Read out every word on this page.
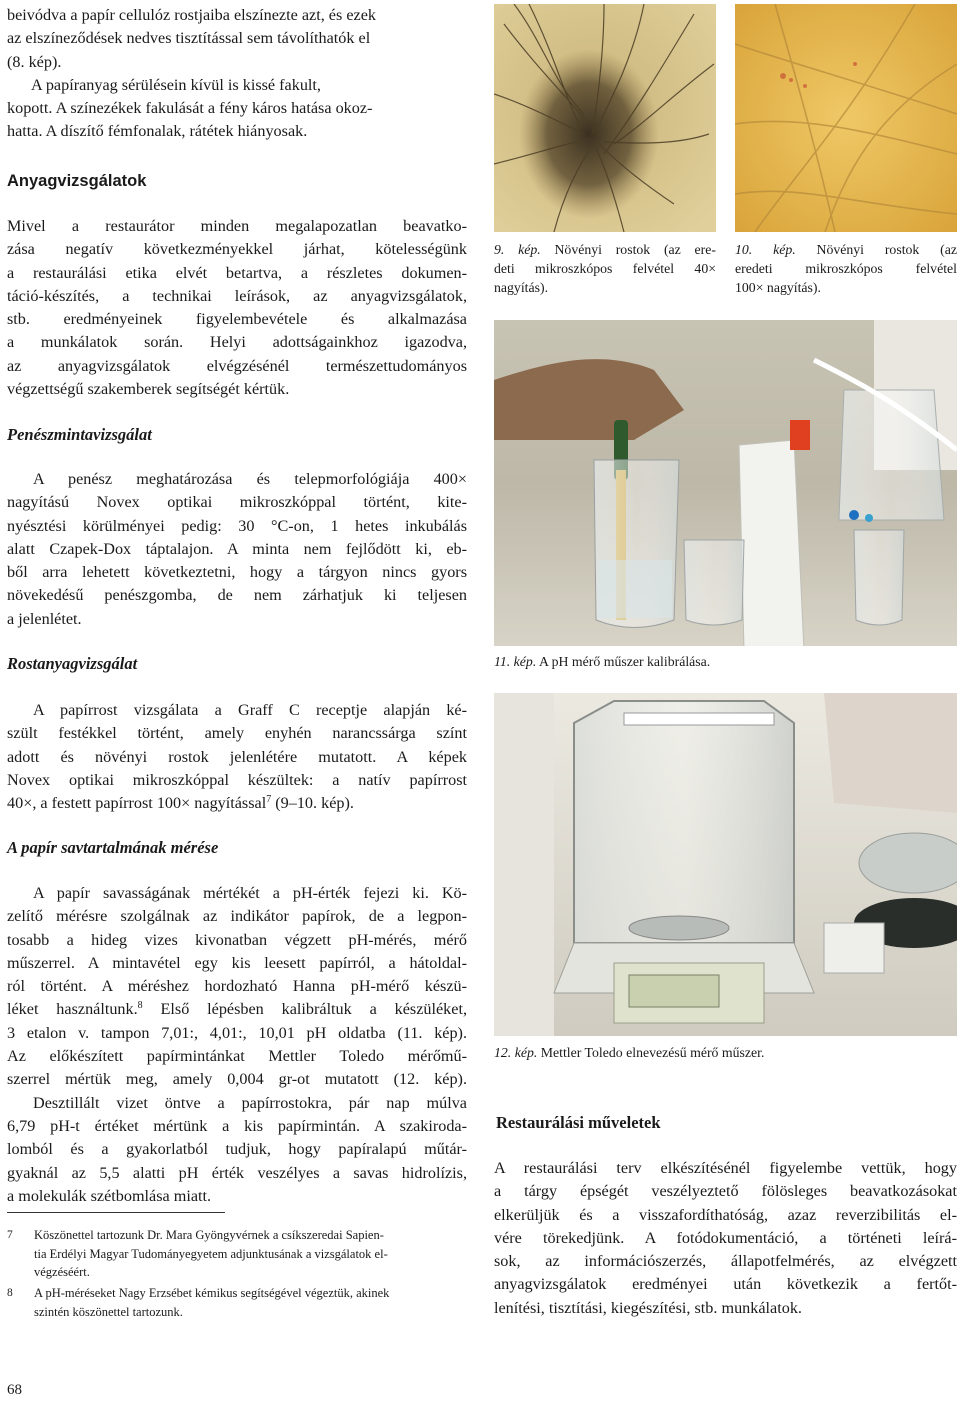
beivódva a papír cellulóz rostjaiba elszínezte azt, és ezek
az elszíneződések nedves tisztítással sem távolíthatók el
(8. kép).
A papíranyag sérülésein kívül is kissé fakult,
kopott. A színezékek fakulását a fény káros hatása okoz-
hatta. A díszítő fémfonalak, rátétek hiányosak.
Anyagvizsgálatok
Mivel a restaurátor minden megalapozatlan beavatko-
zása negatív következményekkel járhat, kötelességünk
a restaurálási etika elvét betartva, a részletes dokumen-
táció-készítés, a technikai leírások, az anyagvizsgálatok,
stb. eredményeinek figyelembevétele és alkalmazása
a munkálatok során. Helyi adottságainkhoz igazodva,
az anyagvizsgálatok elvégzésénél természettudományos
végzettségű szakemberek segítségét kértük.
Penészmintavizsgálat
A penész meghatározása és telepmorfológiája 400×
nagyítású Novex optikai mikroszkóppal történt, kite-
nyésztési körülményei pedig: 30 °C-on, 1 hetes inkubálás
alatt Czapek-Dox táptalajon. A minta nem fejlődött ki, eb-
ből arra lehetett következtetni, hogy a tárgyon nincs gyors
növekedésű penészgomba, de nem zárhatjuk ki teljesen
a jelenlétet.
Rostanyagvizsgálat
A papírrost vizsgálata a Graff C receptje alapján ké-
szült festékkel történt, amely enyhén narancssárga színt
adott és növényi rostok jelenlétére mutatott. A képek
Novex optikai mikroszkóppal készültek: a natív papírrost
40×, a festett papírrost 100× nagyítással$^7$ (9–10. kép).
A papír savtartalmának mérése
A papír savasságának mértékét a pH-érték fejezi ki. Kö-
zelítő mérésre szolgálnak az indikátor papírok, de a legpon-
tosabb a hideg vizes kivonatban végzett pH-mérés, mérő
műszerrel. A mintavétel egy kis leesett papírról, a hátoldal-
ról történt. A méréshez hordozható Hanna pH-mérő készü-
léket használtunk.$^8$ Első lépésben kalibráltuk a készüléket,
3 etalon v. tampon 7,01:, 4,01:, 10,01 pH oldatba (11. kép).
Az előkészített papírmintánkat Mettler Toledo mérőmű-
szerrel mértük meg, amely 0,004 gr-ot mutatott (12. kép).
Desztillált vizet öntve a papírrostokra, pár nap múlva
6,79 pH-t értéket mértünk a kis papírmintán. A szakiroda-
lomból és a gyakorlatból tudjuk, hogy papíralapú műtár-
gyaknál az 5,5 alatti pH érték veszélyes a savas hidrolízis,
a molekulák szétbomlása miatt.
7 Köszönettel tartozunk Dr. Mara Gyöngyvérnek a csíkszeredai Sapien-
tia Erdélyi Magyar Tudományegyetem adjunktusának a vizsgálatok el-
végzéséért.
8 A pH-méréseket Nagy Erzsébet kémikus segítségével végeztük, akinek
szintén köszönettel tartozunk.
68
9. kép. Növényi rostok (az ere-
deti mikroszkópos felvétel 40×
nagyítás).
10. kép. Növényi rostok (az
eredeti mikroszkópos felvétel
100× nagyítás).
11. kép. A pH mérő műszer kalibrálása.
12. kép. Mettler Toledo elnevezésű mérő műszer.
Restaurálási műveletek
A restaurálási terv elkészítésénél figyelembe vettük, hogy
a tárgy épségét veszélyeztető fölösleges beavatkozásokat
elkerüljük és a visszafordíthatóság, azaz reverzibilitás el-
vére törekedjünk. A fotódokumentáció, a történeti leírá-
sok, az információszerzés, állapotfelmérés, az elvégzett
anyagvizsgálatok eredményei után következik a fertőt-
lenítési, tisztítási, kiegészítési, stb. munkálatok.
